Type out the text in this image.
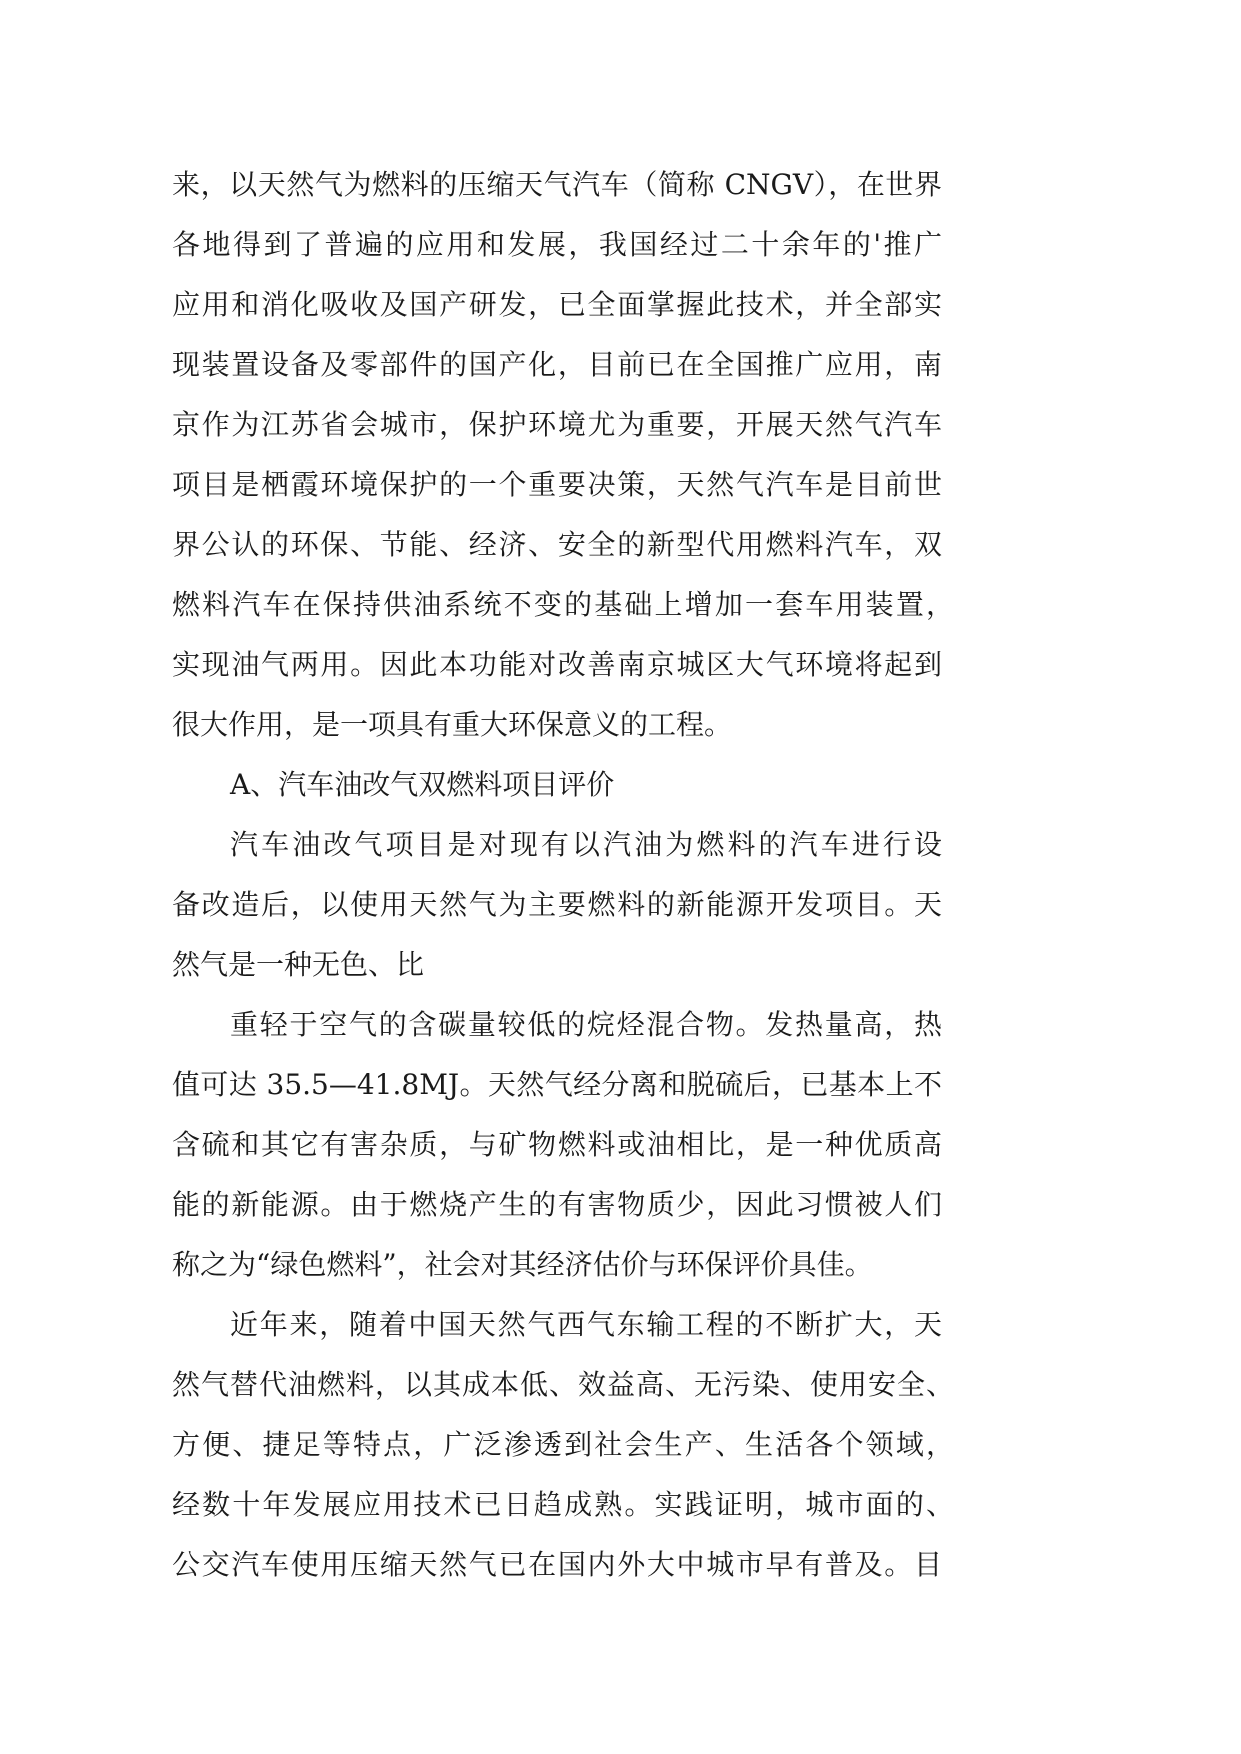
来，以天然气为燃料的压缩天气汽车（简称 CNGV），在世界
各地得到了普遍的应用和发展，我国经过二十余年的'推广
应用和消化吸收及国产研发，已全面掌握此技术，并全部实
现装置设备及零部件的国产化，目前已在全国推广应用，南
京作为江苏省会城市，保护环境尤为重要，开展天然气汽车
项目是栖霞环境保护的一个重要决策，天然气汽车是目前世
界公认的环保、节能、经济、安全的新型代用燃料汽车，双
燃料汽车在保持供油系统不变的基础上增加一套车用装置，
实现油气两用。因此本功能对改善南京城区大气环境将起到
很大作用，是一项具有重大环保意义的工程。
A、汽车油改气双燃料项目评价
汽车油改气项目是对现有以汽油为燃料的汽车进行设
备改造后，以使用天然气为主要燃料的新能源开发项目。天
然气是一种无色、比
重轻于空气的含碳量较低的烷烃混合物。发热量高，热
值可达 35.5—41.8MJ。天然气经分离和脱硫后，已基本上不
含硫和其它有害杂质，与矿物燃料或油相比，是一种优质高
能的新能源。由于燃烧产生的有害物质少，因此习惯被人们
称之为“绿色燃料”，社会对其经济估价与环保评价具佳。
近年来，随着中国天然气西气东输工程的不断扩大，天
然气替代油燃料，以其成本低、效益高、无污染、使用安全、
方便、捷足等特点，广泛渗透到社会生产、生活各个领域，
经数十年发展应用技术已日趋成熟。实践证明，城市面的、
公交汽车使用压缩天然气已在国内外大中城市早有普及。目
